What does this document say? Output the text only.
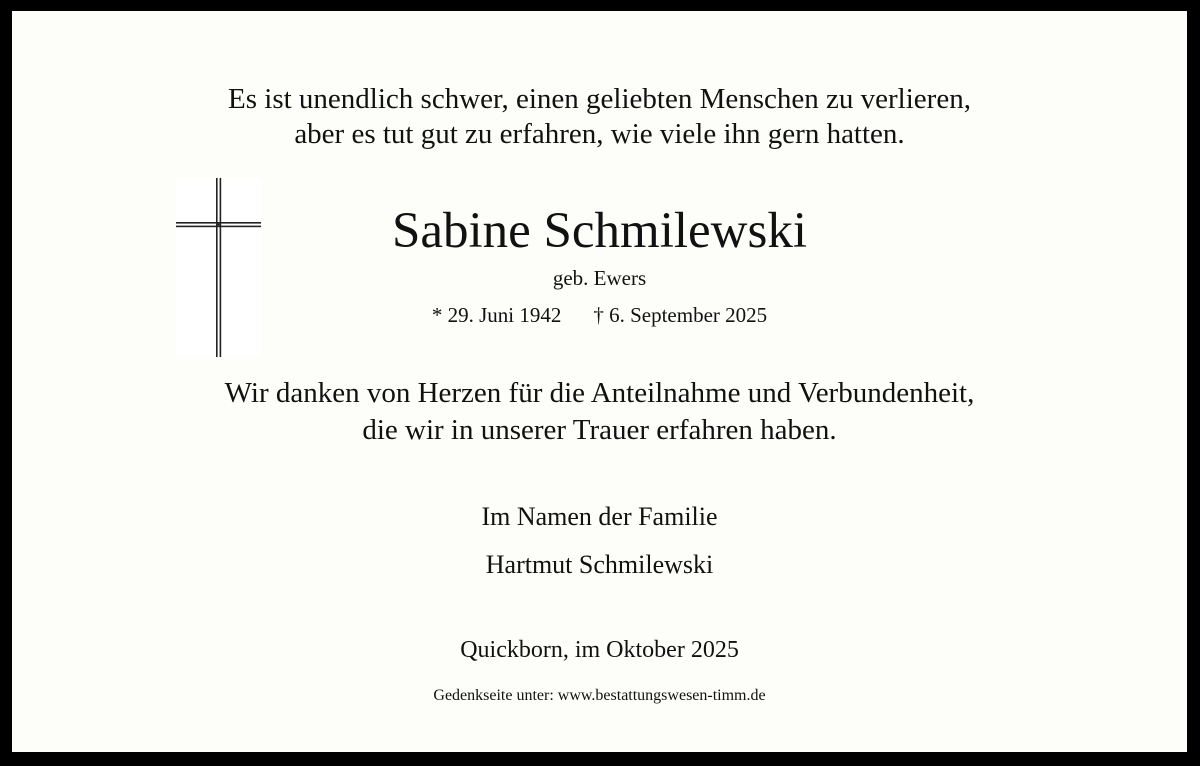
Es ist unendlich schwer, einen geliebten Menschen zu verlieren,
aber es tut gut zu erfahren, wie viele ihn gern hatten.
Sabine Schmilewski
geb. Ewers
* 29. Juni 1942 † 6. September 2025
Wir danken von Herzen für die Anteilnahme und Verbundenheit,
die wir in unserer Trauer erfahren haben.
Im Namen der Familie
Hartmut Schmilewski
Quickborn, im Oktober 2025
Gedenkseite unter: www.bestattungswesen-timm.de
